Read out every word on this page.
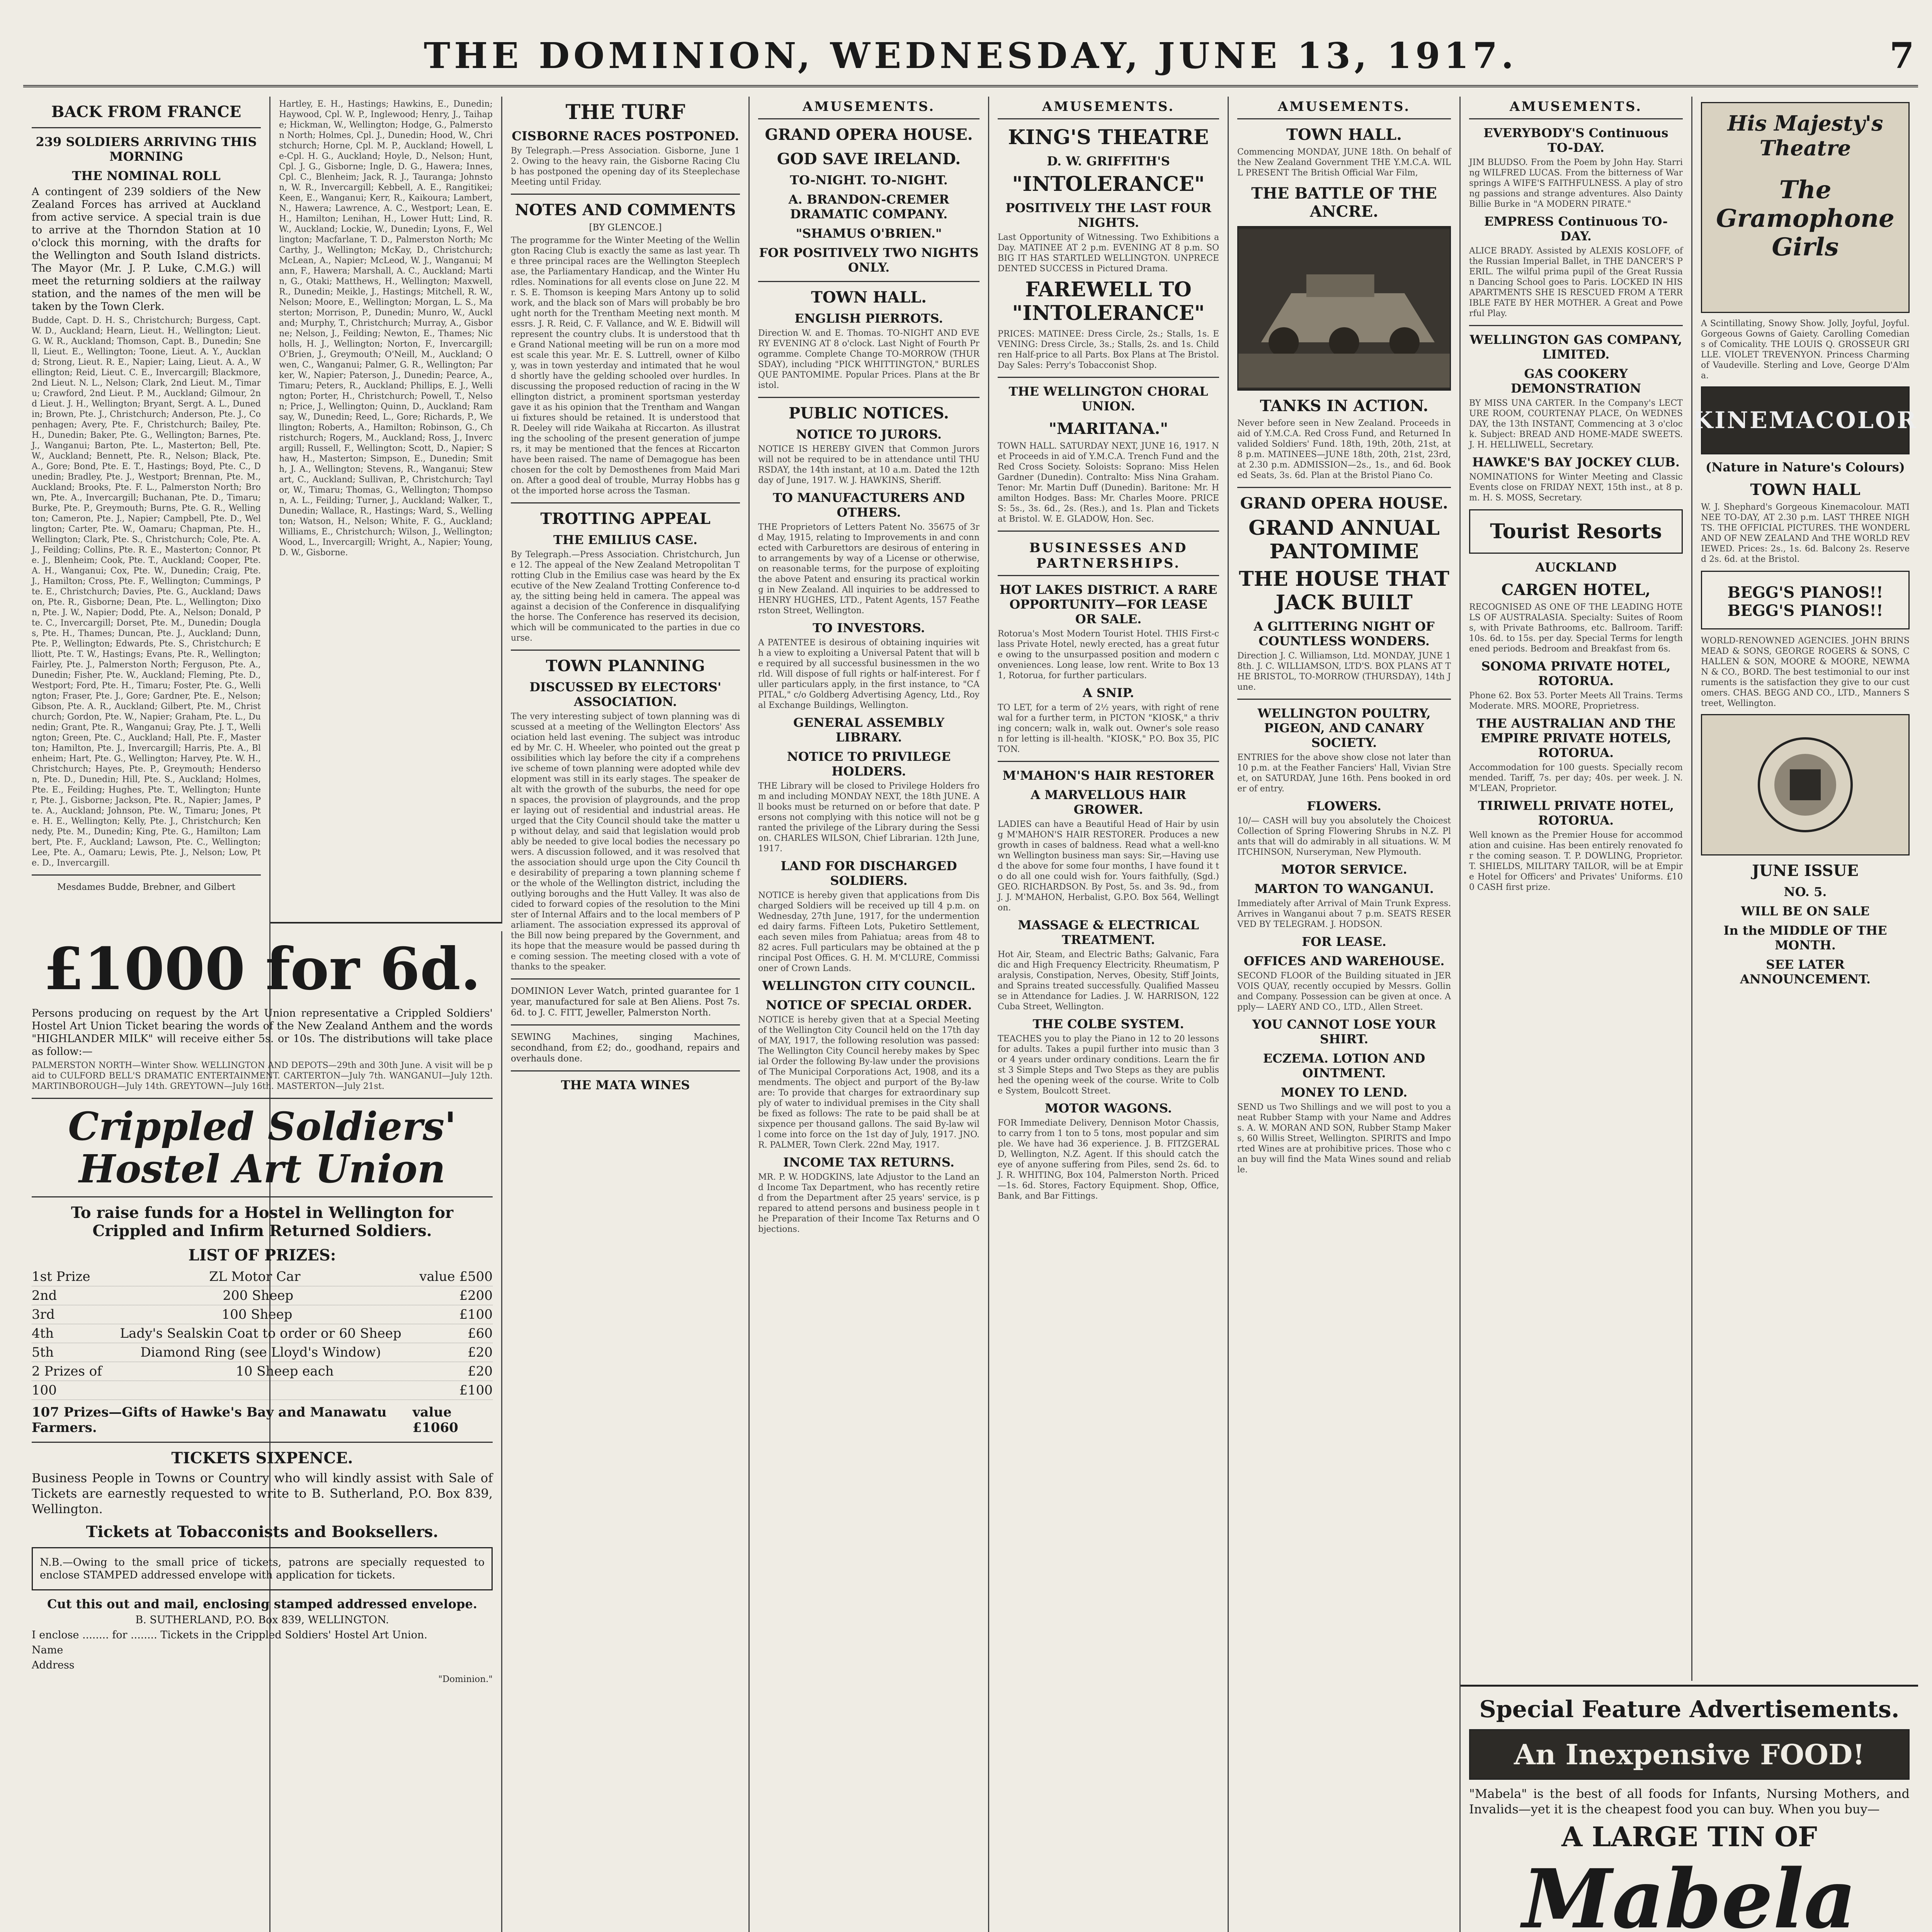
THE DOMINION, WEDNESDAY, JUNE 13, 1917.	7
BACK FROM FRANCE
239 SOLDIERS ARRIVING THIS MORNING
THE NOMINAL ROLL

A contingent of 239 soldiers of the New Zealand Forces has arrived at Auckland from active service. A special train is due to arrive at the Thorndon Station at 10 o'clock this morning, with the drafts for the Wellington and South Island districts. The Mayor (Mr. J. P. Luke, C.M.G.) will meet the returning soldiers at the railway station, and the names of the men will be taken by the Town Clerk.

Budde, Capt. D. H. S., Christchurch; Burgess, Capt. W. D., Auckland; Hearn, Lieut. H., Wellington; Lieut. G. W. R., Auckland; Thomson, Capt. B., Dunedin; Snell, Lieut. E., Wellington; Toone, Lieut. A. Y., Auckland; Strong, Lieut. R. E., Napier; Laing, Lieut. A. A., Wellington; Reid, Lieut. C. E., Invercargill; Blackmore, 2nd Lieut. N. L., Nelson; Clark, 2nd Lieut. M., Timaru; Crawford, 2nd Lieut. P. M., Auckland; Gilmour, 2nd Lieut. J. H., Wellington; Bryant, Sergt. A. L., Dunedin; Brown, Pte. J., Christchurch; Anderson, Pte. J., Copenhagen; Avery, Pte. F., Christchurch; Bailey, Pte. H., Dunedin; Baker, Pte. G., Wellington; Barnes, Pte. J., Wanganui; Barton, Pte. L., Masterton; Bell, Pte. W., Auckland; Bennett, Pte. R., Nelson; Black, Pte. A., Gore; Bond, Pte. E. T., Hastings; Boyd, Pte. C., Dunedin; Bradley, Pte. J., Westport; Brennan, Pte. M., Auckland; Brooks, Pte. F. L., Palmerston North; Brown, Pte. A., Invercargill; Buchanan, Pte. D., Timaru; Burke, Pte. P., Greymouth; Burns, Pte. G. R., Wellington; Cameron, Pte. J., Napier; Campbell, Pte. D., Wellington; Carter, Pte. W., Oamaru; Chapman, Pte. H., Wellington; Clark, Pte. S., Christchurch; Cole, Pte. A. J., Feilding; Collins, Pte. R. E., Masterton; Connor, Pte. J., Blenheim; Cook, Pte. T., Auckland; Cooper, Pte. A. H., Wanganui; Cox, Pte. W., Dunedin; Craig, Pte. J., Hamilton; Cross, Pte. F., Wellington; Cummings, Pte. E., Christchurch; Davies, Pte. G., Auckland; Dawson, Pte. R., Gisborne; Dean, Pte. L., Wellington; Dixon, Pte. J. W., Napier; Dodd, Pte. A., Nelson; Donald, Pte. C., Invercargill; Dorset, Pte. M., Dunedin; Douglas, Pte. H., Thames; Duncan, Pte. J., Auckland; Dunn, Pte. P., Wellington; Edwards, Pte. S., Christchurch; Elliott, Pte. T. W., Hastings; Evans, Pte. R., Wellington; Fairley, Pte. J., Palmerston North; Ferguson, Pte. A., Dunedin; Fisher, Pte. W., Auckland; Fleming, Pte. D., Westport; Ford, Pte. H., Timaru; Foster, Pte. G., Wellington; Fraser, Pte. J., Gore; Gardner, Pte. E., Nelson; Gibson, Pte. A. R., Auckland; Gilbert, Pte. M., Christchurch; Gordon, Pte. W., Napier; Graham, Pte. L., Dunedin; Grant, Pte. R., Wanganui; Gray, Pte. J. T., Wellington; Green, Pte. C., Auckland; Hall, Pte. F., Masterton; Hamilton, Pte. J., Invercargill; Harris, Pte. A., Blenheim; Hart, Pte. G., Wellington; Harvey, Pte. W. H., Christchurch; Hayes, Pte. P., Greymouth; Henderson, Pte. D., Dunedin; Hill, Pte. S., Auckland; Holmes, Pte. E., Feilding; Hughes, Pte. T., Wellington; Hunter, Pte. J., Gisborne; Jackson, Pte. R., Napier; James, Pte. A., Auckland; Johnson, Pte. W., Timaru; Jones, Pte. H. E., Wellington; Kelly, Pte. J., Christchurch; Kennedy, Pte. M., Dunedin; King, Pte. G., Hamilton; Lambert, Pte. F., Auckland; Lawson, Pte. C., Wellington; Lee, Pte. A., Oamaru; Lewis, Pte. J., Nelson; Low, Pte. D., Invercargill.

Mesdames Budde, Brebner, and Gilbert

Hartley, E. H., Hastings; Hawkins, E., Dunedin; Haywood, Cpl. W. P., Inglewood; Henry, J., Taihape; Hickman, W., Wellington; Hodge, G., Palmerston North; Holmes, Cpl. J., Dunedin; Hood, W., Christchurch; Horne, Cpl. M. P., Auckland; Howell, Le-Cpl. H. G., Auckland; Hoyle, D., Nelson; Hunt, Cpl. J. G., Gisborne; Ingle, D. G., Hawera; Innes, Cpl. C., Blenheim; Jack, R. J., Tauranga; Johnston, W. R., Invercargill; Kebbell, A. E., Rangitikei; Keen, E., Wanganui; Kerr, R., Kaikoura; Lambert, N., Hawera; Lawrence, A. C., Westport; Lean, E. H., Hamilton; Lenihan, H., Lower Hutt; Lind, R. W., Auckland; Lockie, W., Dunedin; Lyons, F., Wellington; Macfarlane, T. D., Palmerston North; McCarthy, J., Wellington; McKay, D., Christchurch; McLean, A., Napier; McLeod, W. J., Wanganui; Mann, F., Hawera; Marshall, A. C., Auckland; Martin, G., Otaki; Matthews, H., Wellington; Maxwell, R., Dunedin; Meikle, J., Hastings; Mitchell, R. W., Nelson; Moore, E., Wellington; Morgan, L. S., Masterton; Morrison, P., Dunedin; Munro, W., Auckland; Murphy, T., Christchurch; Murray, A., Gisborne; Nelson, J., Feilding; Newton, E., Thames; Nicholls, H. J., Wellington; Norton, F., Invercargill; O'Brien, J., Greymouth; O'Neill, M., Auckland; Owen, C., Wanganui; Palmer, G. R., Wellington; Parker, W., Napier; Paterson, J., Dunedin; Pearce, A., Timaru; Peters, R., Auckland; Phillips, E. J., Wellington; Porter, H., Christchurch; Powell, T., Nelson; Price, J., Wellington; Quinn, D., Auckland; Ramsay, W., Dunedin; Reed, L., Gore; Richards, P., Wellington; Roberts, A., Hamilton; Robinson, G., Christchurch; Rogers, M., Auckland; Ross, J., Invercargill; Russell, F., Wellington; Scott, D., Napier; Shaw, H., Masterton; Simpson, E., Dunedin; Smith, J. A., Wellington; Stevens, R., Wanganui; Stewart, C., Auckland; Sullivan, P., Christchurch; Taylor, W., Timaru; Thomas, G., Wellington; Thompson, A. L., Feilding; Turner, J., Auckland; Walker, T., Dunedin; Wallace, R., Hastings; Ward, S., Wellington; Watson, H., Nelson; White, F. G., Auckland; Williams, E., Christchurch; Wilson, J., Wellington; Wood, L., Invercargill; Wright, A., Napier; Young, D. W., Gisborne.

£1000 for 6d.

Persons producing on request by the Art Union representative a Crippled Soldiers' Hostel Art Union Ticket bearing the words of the New Zealand Anthem and the words "HIGHLANDER MILK" will receive either 5s. or 10s. The distributions will take place as follow:—

PALMERSTON NORTH—Winter Show. WELLINGTON AND DEPOTS—29th and 30th June. A visit will be paid to CULFORD BELL'S DRAMATIC ENTERTAINMENT. CARTERTON—July 7th. WANGANUI—July 12th. MARTINBOROUGH—July 14th. GREYTOWN—July 16th. MASTERTON—July 21st.

Crippled Soldiers' Hostel Art Union
To raise funds for a Hostel in Wellington for Crippled and Infirm Returned Soldiers.
LIST OF PRIZES:
1st Prize	ZL Motor Car	value £500
2nd	200 Sheep	£200
3rd	100 Sheep	£100
4th	Lady's Sealskin Coat to order or 60 Sheep	£60
5th	Diamond Ring (see Lloyd's Window)	£20
2 Prizes of	10 Sheep each	£20
100	£100
107 Prizes—Gifts of Hawke's Bay and Manawatu Farmers.
value £1060
TICKETS SIXPENCE.

Business People in Towns or Country who will kindly assist with Sale of Tickets are earnestly requested to write to B. Sutherland, P.O. Box 839, Wellington.

Tickets at Tobacconists and Booksellers.

N.B.—Owing to the small price of tickets, patrons are specially requested to enclose STAMPED addressed envelope with application for tickets.

Cut this out and mail, enclosing stamped addressed envelope.

B. SUTHERLAND, P.O. Box 839, WELLINGTON.

I enclose ........ for ........ Tickets in the Crippled Soldiers' Hostel Art Union.

Name

Address

"Dominion."

THE TURF
CISBORNE RACES POSTPONED.

By Telegraph.—Press Association. Gisborne, June 12. Owing to the heavy rain, the Gisborne Racing Club has postponed the opening day of its Steeplechase Meeting until Friday.

NOTES AND COMMENTS

[BY GLENCOE.]

The programme for the Winter Meeting of the Wellington Racing Club is exactly the same as last year. The three principal races are the Wellington Steeplechase, the Parliamentary Handicap, and the Winter Hurdles. Nominations for all events close on June 22. Mr. S. E. Thomson is keeping Mars Antony up to solid work, and the black son of Mars will probably be brought north for the Trentham Meeting next month. Messrs. J. R. Reid, C. F. Vallance, and W. E. Bidwill will represent the country clubs. It is understood that the Grand National meeting will be run on a more modest scale this year. Mr. E. S. Luttrell, owner of Kilboy, was in town yesterday and intimated that he would shortly have the gelding schooled over hurdles. In discussing the proposed reduction of racing in the Wellington district, a prominent sportsman yesterday gave it as his opinion that the Trentham and Wanganui fixtures should be retained. It is understood that R. Deeley will ride Waikaha at Riccarton. As illustrating the schooling of the present generation of jumpers, it may be mentioned that the fences at Riccarton have been raised. The name of Demagogue has been chosen for the colt by Demosthenes from Maid Marion. After a good deal of trouble, Murray Hobbs has got the imported horse across the Tasman.

TROTTING APPEAL
THE EMILIUS CASE.

By Telegraph.—Press Association. Christchurch, June 12. The appeal of the New Zealand Metropolitan Trotting Club in the Emilius case was heard by the Executive of the New Zealand Trotting Conference to-day, the sitting being held in camera. The appeal was against a decision of the Conference in disqualifying the horse. The Conference has reserved its decision, which will be communicated to the parties in due course.

TOWN PLANNING
DISCUSSED BY ELECTORS' ASSOCIATION.

The very interesting subject of town planning was discussed at a meeting of the Wellington Electors' Association held last evening. The subject was introduced by Mr. C. H. Wheeler, who pointed out the great possibilities which lay before the city if a comprehensive scheme of town planning were adopted while development was still in its early stages. The speaker dealt with the growth of the suburbs, the need for open spaces, the provision of playgrounds, and the proper laying out of residential and industrial areas. He urged that the City Council should take the matter up without delay, and said that legislation would probably be needed to give local bodies the necessary powers. A discussion followed, and it was resolved that the association should urge upon the City Council the desirability of preparing a town planning scheme for the whole of the Wellington district, including the outlying boroughs and the Hutt Valley. It was also decided to forward copies of the resolution to the Minister of Internal Affairs and to the local members of Parliament. The association expressed its approval of the Bill now being prepared by the Government, and its hope that the measure would be passed during the coming session. The meeting closed with a vote of thanks to the speaker.

DOMINION Lever Watch, printed guarantee for 1 year, manufactured for sale at Ben Aliens. Post 7s. 6d. to J. C. FITT, Jeweller, Palmerston North.

SEWING Machines, singing Machines, secondhand, from £2; do., goodhand, repairs and overhauls done.

THE MATA WINES
AMUSEMENTS.
GRAND OPERA HOUSE.
GOD SAVE IRELAND.
TO-NIGHT. TO-NIGHT.
A. BRANDON-CREMER DRAMATIC COMPANY.
"SHAMUS O'BRIEN."
FOR POSITIVELY TWO NIGHTS ONLY.
TOWN HALL.
ENGLISH PIERROTS.

Direction W. and E. Thomas. TO-NIGHT AND EVERY EVENING AT 8 o'clock. Last Night of Fourth Programme. Complete Change TO-MORROW (THURSDAY), including "PICK WHITTINGTON," BURLESQUE PANTOMIME. Popular Prices. Plans at the Bristol.

PUBLIC NOTICES.
NOTICE TO JURORS.

NOTICE IS HEREBY GIVEN that Common Jurors will not be required to be in attendance until THURSDAY, the 14th instant, at 10 a.m. Dated the 12th day of June, 1917. W. J. HAWKINS, Sheriff.

TO MANUFACTURERS AND OTHERS.

THE Proprietors of Letters Patent No. 35675 of 3rd May, 1915, relating to Improvements in and connected with Carburettors are desirous of entering into arrangements by way of a License or otherwise, on reasonable terms, for the purpose of exploiting the above Patent and ensuring its practical working in New Zealand. All inquiries to be addressed to HENRY HUGHES, LTD., Patent Agents, 157 Featherston Street, Wellington.

TO INVESTORS.

A PATENTEE is desirous of obtaining inquiries with a view to exploiting a Universal Patent that will be required by all successful businessmen in the world. Will dispose of full rights or half-interest. For fuller particulars apply, in the first instance, to "CAPITAL," c/o Goldberg Advertising Agency, Ltd., Royal Exchange Buildings, Wellington.

GENERAL ASSEMBLY LIBRARY.
NOTICE TO PRIVILEGE HOLDERS.

THE Library will be closed to Privilege Holders from and including MONDAY NEXT, the 18th JUNE. All books must be returned on or before that date. Persons not complying with this notice will not be granted the privilege of the Library during the Session. CHARLES WILSON, Chief Librarian. 12th June, 1917.

LAND FOR DISCHARGED SOLDIERS.

NOTICE is hereby given that applications from Discharged Soldiers will be received up till 4 p.m. on Wednesday, 27th June, 1917, for the undermentioned dairy farms. Fifteen Lots, Puketiro Settlement, each seven miles from Pahiatua; areas from 48 to 82 acres. Full particulars may be obtained at the principal Post Offices. G. H. M. M'CLURE, Commissioner of Crown Lands.

WELLINGTON CITY COUNCIL.
NOTICE OF SPECIAL ORDER.

NOTICE is hereby given that at a Special Meeting of the Wellington City Council held on the 17th day of MAY, 1917, the following resolution was passed: The Wellington City Council hereby makes by Special Order the following By-law under the provisions of The Municipal Corporations Act, 1908, and its amendments. The object and purport of the By-law are: To provide that charges for extraordinary supply of water to individual premises in the City shall be fixed as follows: The rate to be paid shall be at sixpence per thousand gallons. The said By-law will come into force on the 1st day of July, 1917. JNO. R. PALMER, Town Clerk. 22nd May, 1917.

INCOME TAX RETURNS.

MR. P. W. HODGKINS, late Adjustor to the Land and Income Tax Department, who has recently retired from the Department after 25 years' service, is prepared to attend persons and business people in the Preparation of their Income Tax Returns and Objections.

AMUSEMENTS.
KING'S THEATRE
D. W. GRIFFITH'S
"INTOLERANCE"
POSITIVELY THE LAST FOUR NIGHTS.

Last Opportunity of Witnessing. Two Exhibitions a Day. MATINEE AT 2 p.m. EVENING AT 8 p.m. SO BIG IT HAS STARTLED WELLINGTON. UNPRECEDENTED SUCCESS in Pictured Drama.

FAREWELL TO "INTOLERANCE"

PRICES: MATINEE: Dress Circle, 2s.; Stalls, 1s. EVENING: Dress Circle, 3s.; Stalls, 2s. and 1s. Children Half-price to all Parts. Box Plans at The Bristol. Day Sales: Perry's Tobacconist Shop.

THE WELLINGTON CHORAL UNION.
"MARITANA."

TOWN HALL. SATURDAY NEXT, JUNE 16, 1917. Net Proceeds in aid of Y.M.C.A. Trench Fund and the Red Cross Society. Soloists: Soprano: Miss Helen Gardner (Dunedin). Contralto: Miss Nina Graham. Tenor: Mr. Martin Duff (Dunedin). Baritone: Mr. Hamilton Hodges. Bass: Mr. Charles Moore. PRICES: 5s., 3s. 6d., 2s. (Res.), and 1s. Plan and Tickets at Bristol. W. E. GLADOW, Hon. Sec.

BUSINESSES AND PARTNERSHIPS.
HOT LAKES DISTRICT. A RARE OPPORTUNITY—FOR LEASE OR SALE.

Rotorua's Most Modern Tourist Hotel. THIS First-class Private Hotel, newly erected, has a great future owing to the unsurpassed position and modern conveniences. Long lease, low rent. Write to Box 131, Rotorua, for further particulars.

A SNIP.

TO LET, for a term of 2½ years, with right of renewal for a further term, in PICTON "KIOSK," a thriving concern; walk in, walk out. Owner's sole reason for letting is ill-health. "KIOSK," P.O. Box 35, PICTON.

M'MAHON'S HAIR RESTORER
A MARVELLOUS HAIR GROWER.

LADIES can have a Beautiful Head of Hair by using M'MAHON'S HAIR RESTORER. Produces a new growth in cases of baldness. Read what a well-known Wellington business man says: Sir,—Having used the above for some four months, I have found it to do all one could wish for. Yours faithfully, (Sgd.) GEO. RICHARDSON. By Post, 5s. and 3s. 9d., from J. J. M'MAHON, Herbalist, G.P.O. Box 564, Wellington.

MASSAGE & ELECTRICAL TREATMENT.

Hot Air, Steam, and Electric Baths; Galvanic, Faradic and High Frequency Electricity. Rheumatism, Paralysis, Constipation, Nerves, Obesity, Stiff Joints, and Sprains treated successfully. Qualified Masseuse in Attendance for Ladies. J. W. HARRISON, 122 Cuba Street, Wellington.

THE COLBE SYSTEM.

TEACHES you to play the Piano in 12 to 20 lessons for adults. Takes a pupil further into music than 3 or 4 years under ordinary conditions. Learn the first 3 Simple Steps and Two Steps as they are published the opening week of the course. Write to Colbe System, Boulcott Street.

MOTOR WAGONS.

FOR Immediate Delivery, Dennison Motor Chassis, to carry from 1 ton to 5 tons, most popular and simple. We have had 36 experience. J. B. FITZGERALD, Wellington, N.Z. Agent. If this should catch the eye of anyone suffering from Piles, send 2s. 6d. to J. R. WHITING, Box 104, Palmerston North. Priced—1s. 6d. Stores, Factory Equipment. Shop, Office, Bank, and Bar Fittings.

AMUSEMENTS.
TOWN HALL.

Commencing MONDAY, JUNE 18th. On behalf of the New Zealand Government THE Y.M.C.A. WILL PRESENT The British Official War Film,

THE BATTLE OF THE ANCRE.
TANKS IN ACTION.

Never before seen in New Zealand. Proceeds in aid of Y.M.C.A. Red Cross Fund, and Returned Invalided Soldiers' Fund. 18th, 19th, 20th, 21st, at 8 p.m. MATINEES—JUNE 18th, 20th, 21st, 23rd, at 2.30 p.m. ADMISSION—2s., 1s., and 6d. Booked Seats, 3s. 6d. Plan at the Bristol Piano Co.

GRAND OPERA HOUSE.
GRAND ANNUAL PANTOMIME
THE HOUSE THAT JACK BUILT
A GLITTERING NIGHT OF COUNTLESS WONDERS.

Direction J. C. Williamson, Ltd. MONDAY, JUNE 18th. J. C. WILLIAMSON, LTD'S. BOX PLANS AT THE BRISTOL, TO-MORROW (THURSDAY), 14th June.

WELLINGTON POULTRY, PIGEON, AND CANARY SOCIETY.

ENTRIES for the above show close not later than 10 p.m. at the Feather Fanciers' Hall, Vivian Street, on SATURDAY, June 16th. Pens booked in order of entry.

FLOWERS.

10/— CASH will buy you absolutely the Choicest Collection of Spring Flowering Shrubs in N.Z. Plants that will do admirably in all situations. W. MITCHINSON, Nurseryman, New Plymouth.

MOTOR SERVICE.
MARTON TO WANGANUI.

Immediately after Arrival of Main Trunk Express. Arrives in Wanganui about 7 p.m. SEATS RESERVED BY TELEGRAM. J. HODSON.

FOR LEASE.
OFFICES AND WAREHOUSE.

SECOND FLOOR of the Building situated in JERVOIS QUAY, recently occupied by Messrs. Gollin and Company. Possession can be given at once. Apply— LAERY AND CO., LTD., Allen Street.

YOU CANNOT LOSE YOUR SHIRT.
ECZEMA. LOTION AND OINTMENT.
MONEY TO LEND.

SEND us Two Shillings and we will post to you a neat Rubber Stamp with your Name and Address. A. W. MORAN AND SON, Rubber Stamp Makers, 60 Willis Street, Wellington. SPIRITS and Imported Wines are at prohibitive prices. Those who can buy will find the Mata Wines sound and reliable.

AMUSEMENTS.
EVERYBODY'S Continuous TO-DAY.

JIM BLUDSO. From the Poem by John Hay. Starring WILFRED LUCAS. From the bitterness of War springs A WIFE'S FAITHFULNESS. A play of strong passions and strange adventures. Also Dainty Billie Burke in "A MODERN PIRATE."

EMPRESS Continuous TO-DAY.

ALICE BRADY. Assisted by ALEXIS KOSLOFF, of the Russian Imperial Ballet, in THE DANCER'S PERIL. The wilful prima pupil of the Great Russian Dancing School goes to Paris. LOCKED IN HIS APARTMENTS SHE IS RESCUED FROM A TERRIBLE FATE BY HER MOTHER. A Great and Powerful Play.

WELLINGTON GAS COMPANY, LIMITED.
GAS COOKERY DEMONSTRATION

BY MISS UNA CARTER. In the Company's LECTURE ROOM, COURTENAY PLACE, On WEDNESDAY, the 13th INSTANT, Commencing at 3 o'clock. Subject: BREAD AND HOME-MADE SWEETS. J. H. HELLIWELL, Secretary.

HAWKE'S BAY JOCKEY CLUB.

NOMINATIONS for Winter Meeting and Classic Events close on FRIDAY NEXT, 15th inst., at 8 p.m. H. S. MOSS, Secretary.

Tourist Resorts
AUCKLAND
CARGEN HOTEL,

RECOGNISED AS ONE OF THE LEADING HOTELS OF AUSTRALASIA. Specialty: Suites of Rooms, with Private Bathrooms, etc. Ballroom. Tariff: 10s. 6d. to 15s. per day. Special Terms for lengthened periods. Bedroom and Breakfast from 6s.

SONOMA PRIVATE HOTEL, ROTORUA.

Phone 62. Box 53. Porter Meets All Trains. Terms Moderate. MRS. MOORE, Proprietress.

THE AUSTRALIAN AND THE EMPIRE PRIVATE HOTELS, ROTORUA.

Accommodation for 100 guests. Specially recommended. Tariff, 7s. per day; 40s. per week. J. N. M'LEAN, Proprietor.

TIRIWELL PRIVATE HOTEL, ROTORUA.

Well known as the Premier House for accommodation and cuisine. Has been entirely renovated for the coming season. T. P. DOWLING, Proprietor. T. SHIELDS, MILITARY TAILOR, will be at Empire Hotel for Officers' and Privates' Uniforms. £100 CASH first prize.

His Majesty's Theatre
The Gramophone Girls

A Scintillating, Snowy Show. Jolly, Joyful, Joyful. Gorgeous Gowns of Gaiety. Carolling Comedians of Comicality. THE LOUIS Q. GROSSEUR GRILLE. VIOLET TREVENYON. Princess Charming of Vaudeville. Sterling and Love, George D'Alma.

KINEMACOLOR
(Nature in Nature's Colours)
TOWN HALL

W. J. Shephard's Gorgeous Kinemacolour. MATINEE TO-DAY, AT 2.30 p.m. LAST THREE NIGHTS. THE OFFICIAL PICTURES. THE WONDERLAND OF NEW ZEALAND And THE WORLD REVIEWED. Prices: 2s., 1s. 6d. Balcony 2s. Reserved 2s. 6d. at the Bristol.

BEGG'S PIANOS!! BEGG'S PIANOS!!

WORLD-RENOWNED AGENCIES. JOHN BRINSMEAD & SONS, GEORGE ROGERS & SONS, CHALLEN & SON, MOORE & MOORE, NEWMAN & CO., BORD. The best testimonial to our instruments is the satisfaction they give to our customers. CHAS. BEGG AND CO., LTD., Manners Street, Wellington.

JUNE ISSUE
NO. 5.
WILL BE ON SALE
In the MIDDLE OF THE MONTH.
SEE LATER ANNOUNCEMENT.
Special Feature Advertisements.
An Inexpensive FOOD!

"Mabela" is the best of all foods for Infants, Nursing Mothers, and Invalids—yet it is the cheapest food you can buy. When you buy—

A LARGE TIN OF
Mabela
